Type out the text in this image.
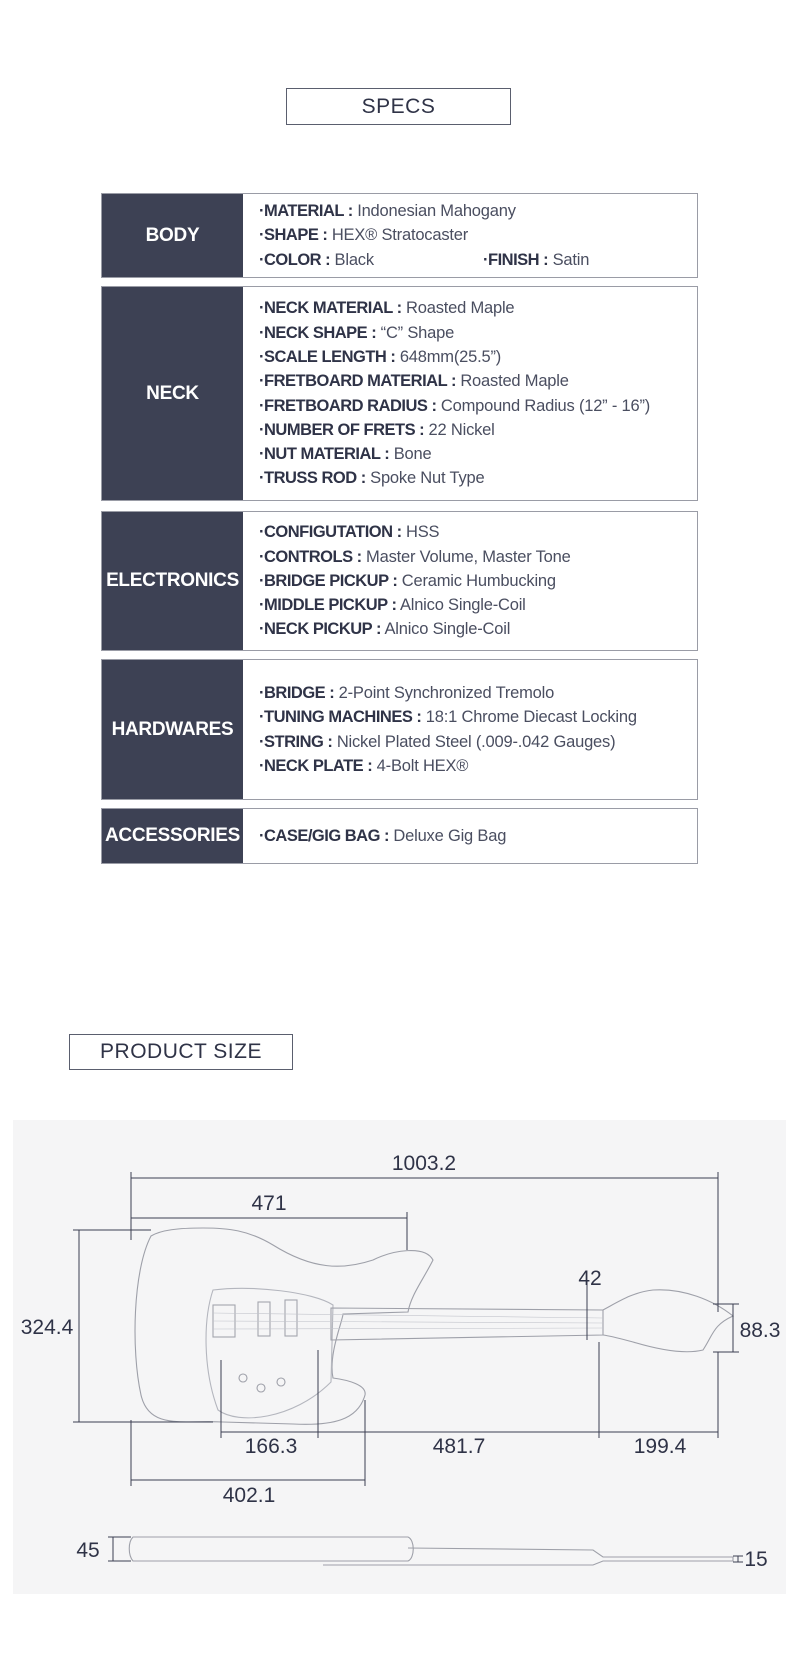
SPECS
BODY
·MATERIAL : Indonesian Mahogany
·SHAPE : HEX® Stratocaster
·COLOR : Black	·FINISH : Satin
NECK
·NECK MATERIAL : Roasted Maple
·NECK SHAPE : “C” Shape
·SCALE LENGTH : 648mm(25.5”)
·FRETBOARD MATERIAL : Roasted Maple
·FRETBOARD RADIUS : Compound Radius (12” - 16”)
·NUMBER OF FRETS : 22 Nickel
·NUT MATERIAL : Bone
·TRUSS ROD : Spoke Nut Type
ELECTRONICS
·CONFIGUTATION : HSS
·CONTROLS : Master Volume, Master Tone
·BRIDGE PICKUP : Ceramic Humbucking
·MIDDLE PICKUP : Alnico Single-Coil
·NECK PICKUP : Alnico Single-Coil
HARDWARES
·BRIDGE : 2-Point Synchronized Tremolo
·TUNING MACHINES : 18:1 Chrome Diecast Locking
·STRING : Nickel Plated Steel (.009-.042 Gauges)
·NECK PLATE : 4-Bolt HEX®
ACCESSORIES ·CASE/GIG BAG : Deluxe Gig Bag
PRODUCT SIZE
1003.2
471
324.4
42
88.3
166.3	481.7	199.4
402.1
45	15
